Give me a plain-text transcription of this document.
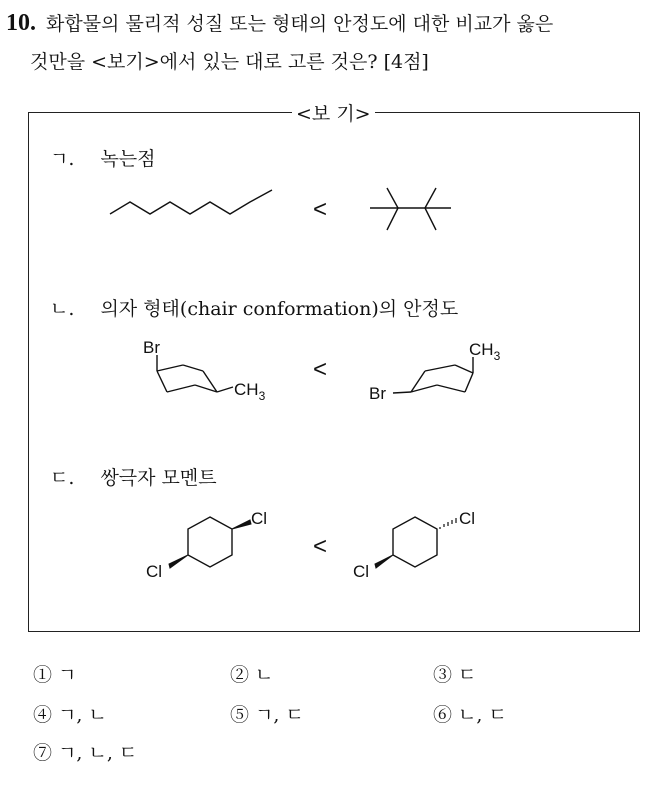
10. 화합물의 물리적 성질 또는 형태의 안정도에 대한 비교가 옳은
것만을 <보기>에서 있는 대로 고른 것은? [4점]
<보 기>
ㄱ. 녹는점
<
ㄴ. 의자 형태(chair conformation)의 안정도
Br
$CH_3$
<
$CH_3$
Br
ㄷ. 쌍극자 모멘트
Cl
Cl
<
Cl
Cl
① ㄱ	② ㄴ	③ ㄷ
④ ㄱ, ㄴ	⑤ ㄱ, ㄷ	⑥ ㄴ, ㄷ
⑦ ㄱ, ㄴ, ㄷ
